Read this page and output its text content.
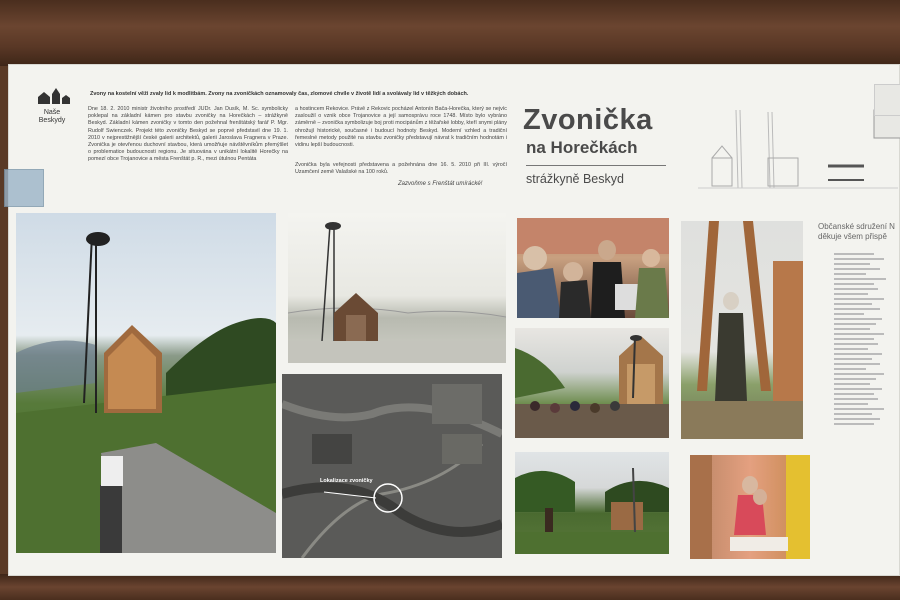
Naše
Beskydy
Zvony na kostelní věži zvaly lid k modlitbám. Zvony na zvoničkách oznamovaly čas, zlomové chvíle v životě lidí a svolávaly lid v těžkých dobách.
Dne 18. 2. 2010 ministr životního prostředí JUDr. Jan Dusík, M. Sc. symbolicky poklepal na základní kámen pro stavbu zvoničky na Horečkách – strážkyně Beskyd. Základní kámen zvoničky v tomto den požehnal frenštátský farář P. Mgr. Rudolf Swienczek. Projekt této zvoničky Beskyd se poprvé představil dne 19. 1. 2010 v nejprestižnější české galerii architektů, galerii Jaroslava Fragnera v Praze. Zvonička je otevřenou duchovní stavbou, která umožňuje návštěvníkům přemýšlet o problematice budoucnosti regionu. Je situována v unikátní lokalitě Horečky na pomezí obce Trojanovice a města Frenštát p. R., mezi útulnou Pentáta
a hostincem Rekovice. Právě z Rekovic pocházel Antonín Bača-Horečka, který se nejvíc zasloužil o vznik obce Trojanovice a její samosprávu roce 1748. Místo bylo vybráno záměrně – zvonička symbolizuje boj proti mocipánům z těžařské lobby, kteří snymi plány ohrožují historické, současné i budoucí hodnoty Beskyd. Moderní vzhled a tradiční řemeslné metody použité na stavbu zvoničky představují návrat k tradičním hodnotám i vidinu lepší budoucnosti.
Zvonička byla veřejnosti představena a požehnána dne 16. 5. 2010 při III. výročí Uzamčení země Valašské na 100 roků.
Zazvoňme s Frenštát umírácké!
Zvonička
na Horečkách
strážkyně Beskyd
Lokalizace zvoničky
Občanské sdružení N
děkuje všem přispě
